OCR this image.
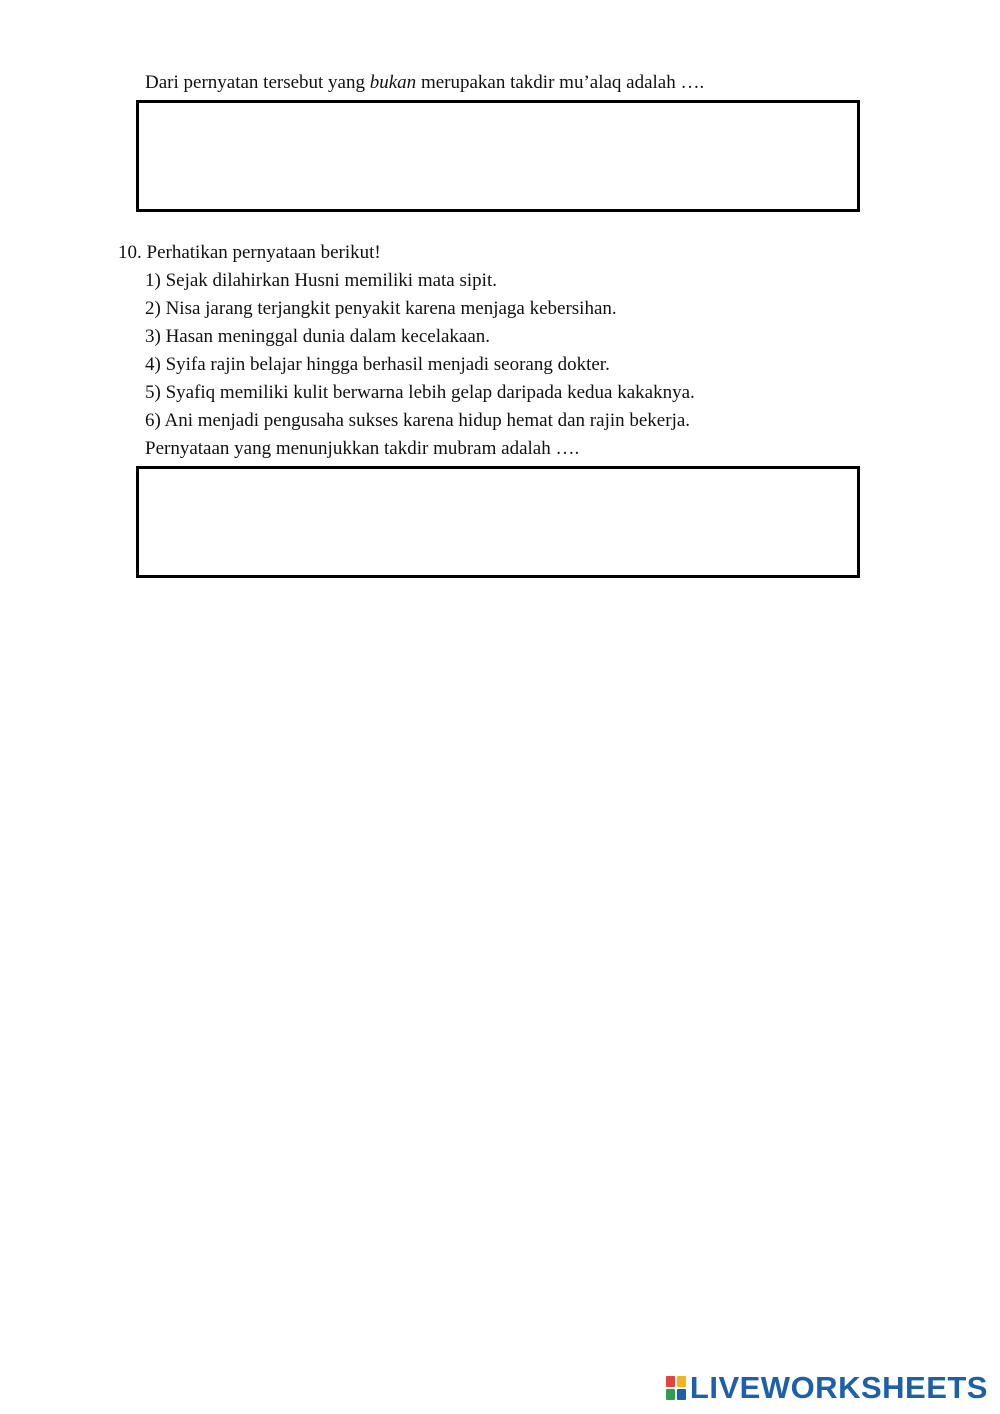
Dari pernyatan tersebut yang bukan merupakan takdir mu’alaq adalah ….
10. Perhatikan pernyataan berikut!
1) Sejak dilahirkan Husni memiliki mata sipit.
2) Nisa jarang terjangkit penyakit karena menjaga kebersihan.
3) Hasan meninggal dunia dalam kecelakaan.
4) Syifa rajin belajar hingga berhasil menjadi seorang dokter.
5) Syafiq memiliki kulit berwarna lebih gelap daripada kedua kakaknya.
6) Ani menjadi pengusaha sukses karena hidup hemat dan rajin bekerja.
Pernyataan yang menunjukkan takdir mubram adalah ….
LIVEWORKSHEETS
